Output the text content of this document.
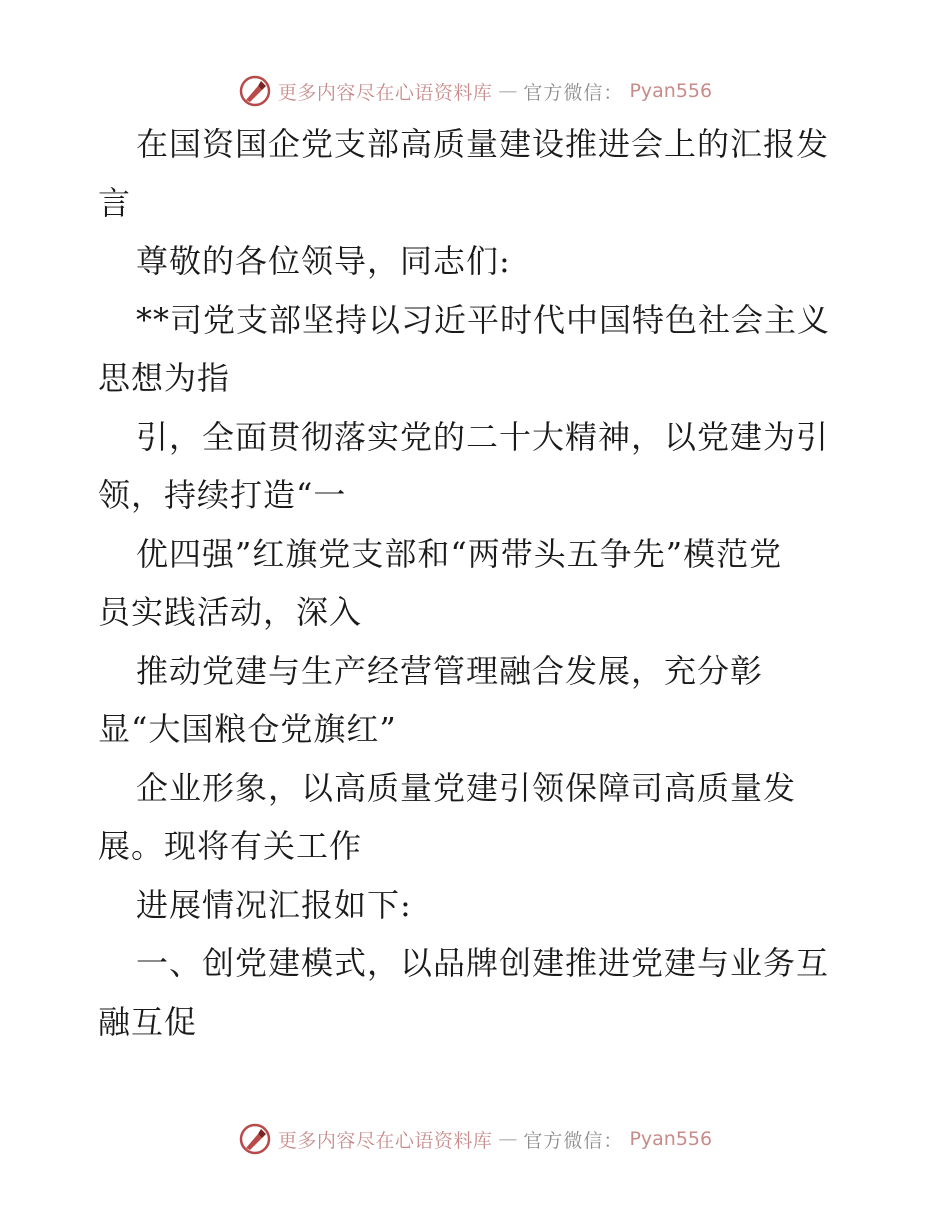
更多内容尽在心语资料库 — 官方微信： Pyan556

在国资国企党支部高质量建设推进会上的汇报发

言

尊敬的各位领导，同志们:

**司党支部坚持以习近平时代中国特色社会主义

思想为指

引，全面贯彻落实党的二十大精神，以党建为引

领，持续打造“一

优四强”红旗党支部和“两带头五争先”模范党

员实践活动，深入

推动党建与生产经营管理融合发展，充分彰

显“大国粮仓党旗红”

企业形象，以高质量党建引领保障司高质量发

展。现将有关工作

进展情况汇报如下:

一、创党建模式，以品牌创建推进党建与业务互

融互促

更多内容尽在心语资料库 — 官方微信： Pyan556
